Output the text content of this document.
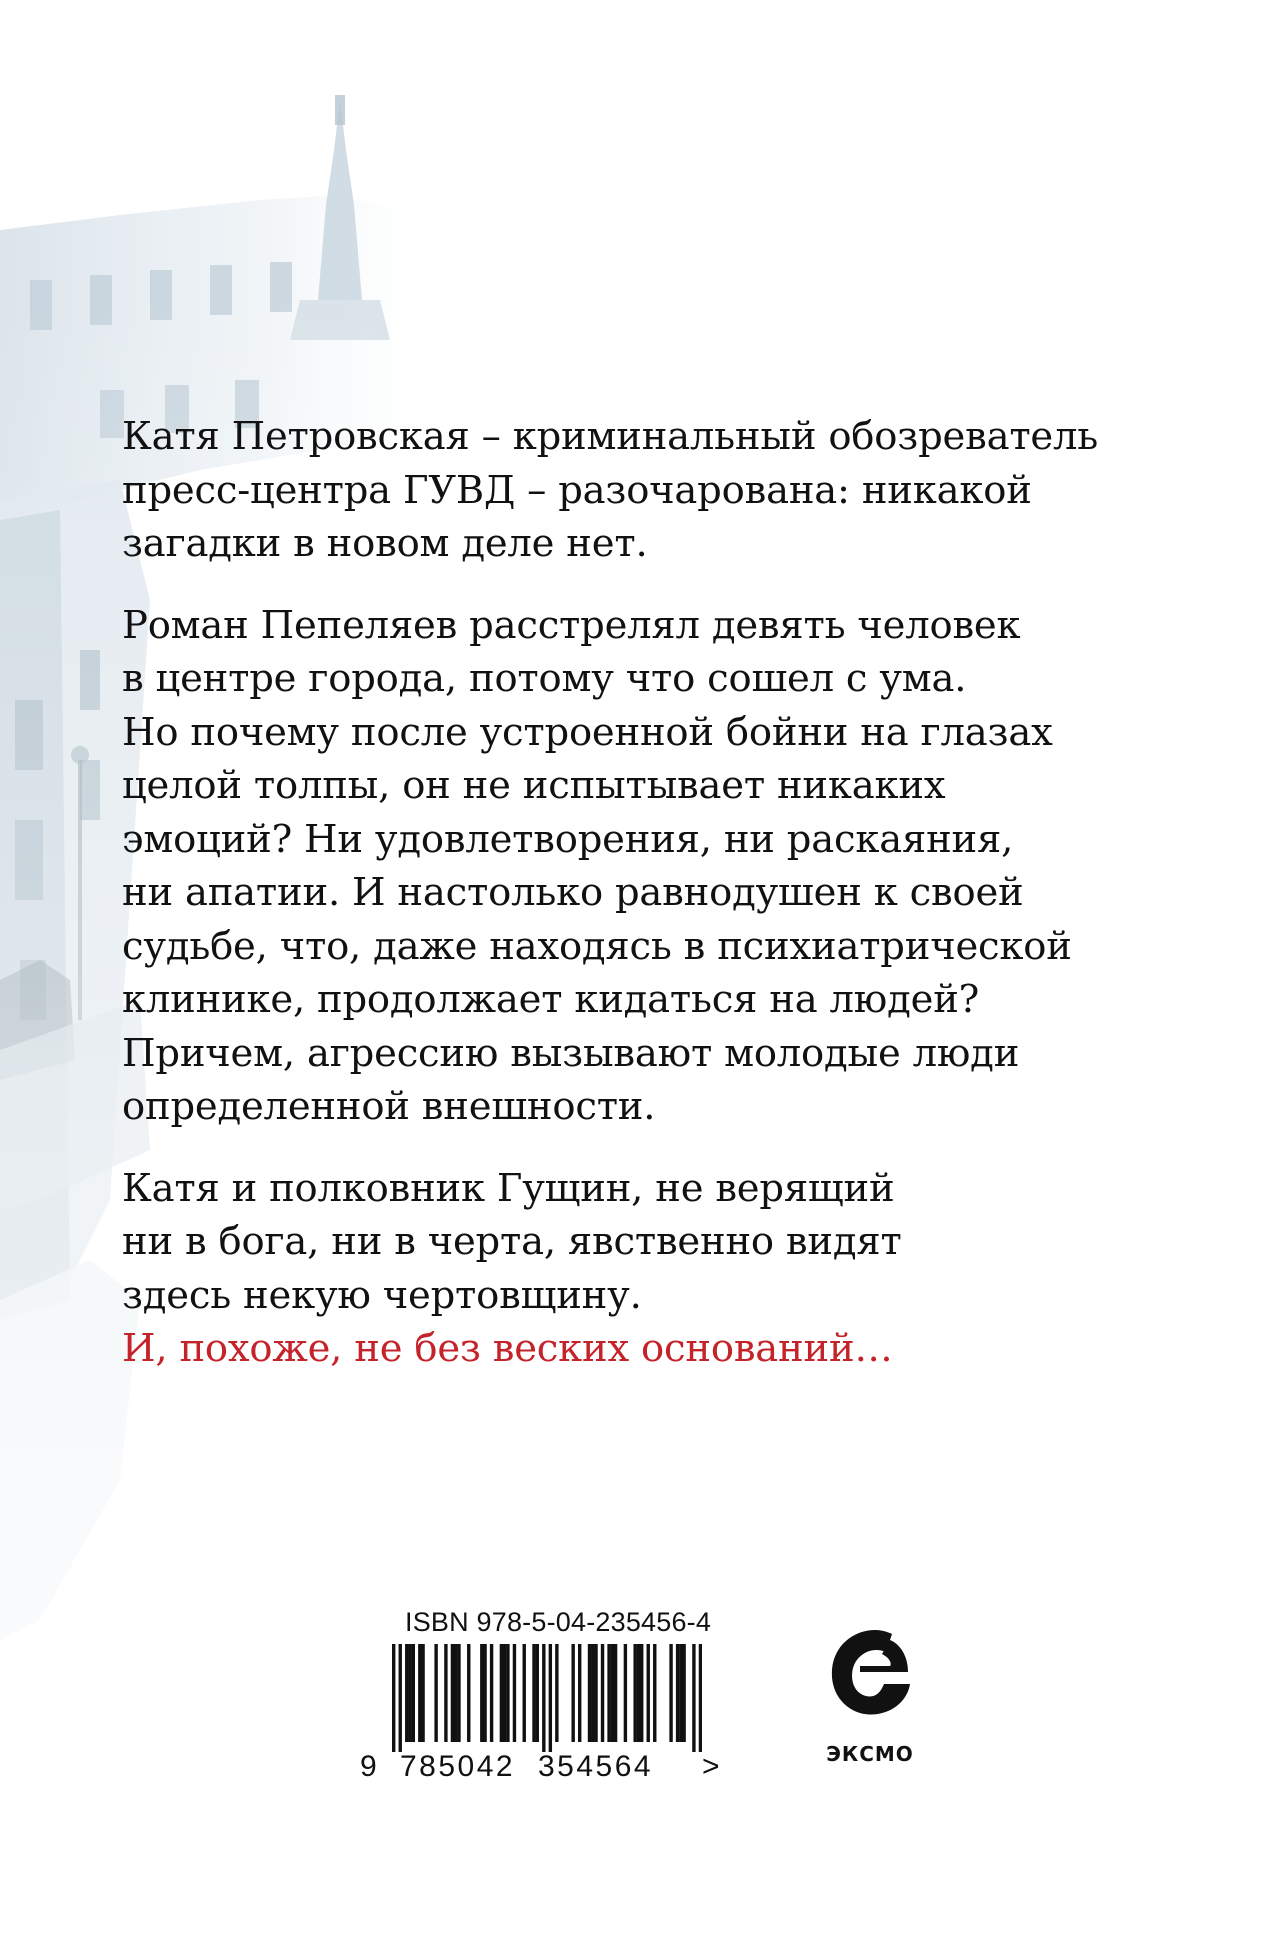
Катя Петровская – криминальный обозреватель
пресс-центра ГУВД – разочарована: никакой
загадки в новом деле нет.

Роман Пепеляев расстрелял девять человек
в центре города, потому что сошел с ума.
Но почему после устроенной бойни на глазах
целой толпы, он не испытывает никаких
эмоций? Ни удовлетворения, ни раскаяния,
ни апатии. И настолько равнодушен к своей
судьбе, что, даже находясь в психиатрической
клинике, продолжает кидаться на людей?
Причем, агрессию вызывают молодые люди
определенной внешности.

Катя и полковник Гущин, не верящий
ни в бога, ни в черта, явственно видят
здесь некую чертовщину.
И, похоже, не без веских оснований…

ISBN 978-5-04-235456-4
9 785042 354564 >	ЭКСМО
